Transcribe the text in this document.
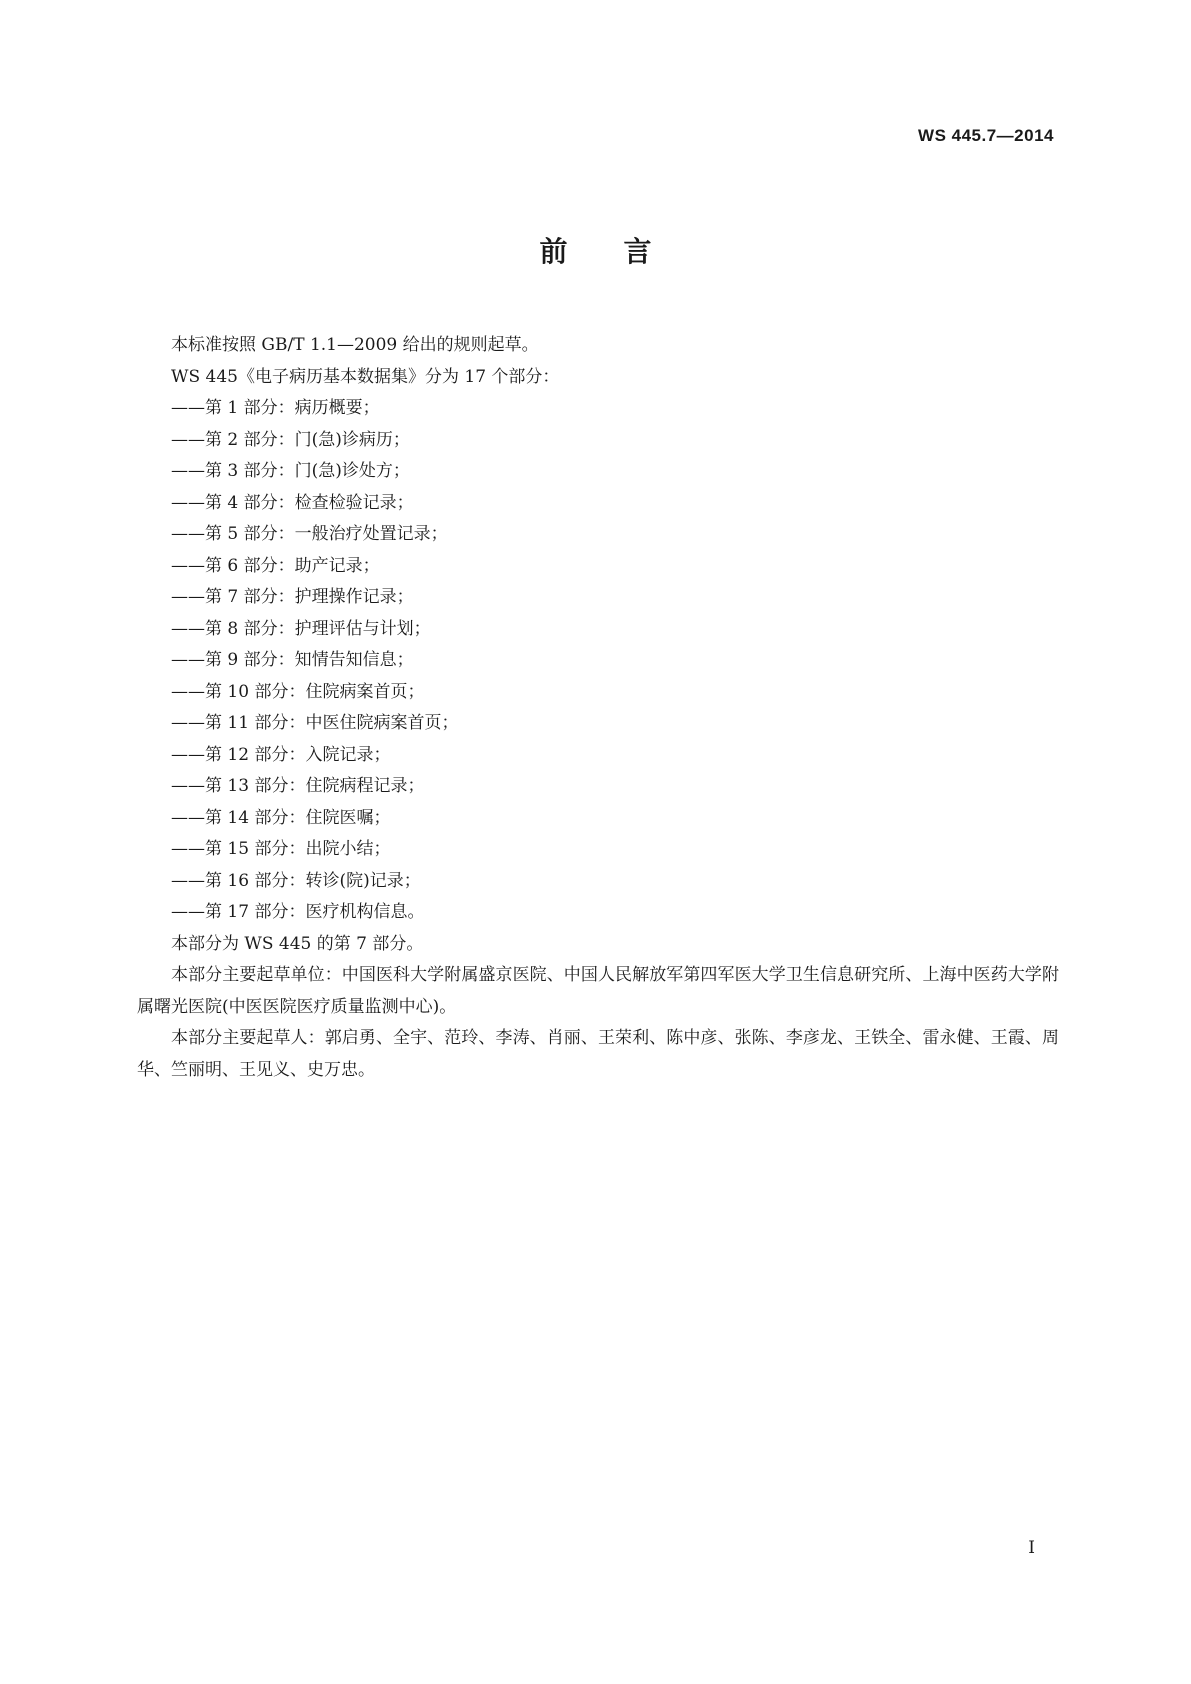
WS 445.7—2014
前言

本标准按照 GB/T 1.1—2009 给出的规则起草。

WS 445《电子病历基本数据集》分为 17 个部分：

——第 1 部分：病历概要；

——第 2 部分：门(急)诊病历；

——第 3 部分：门(急)诊处方；

——第 4 部分：检查检验记录；

——第 5 部分：一般治疗处置记录；

——第 6 部分：助产记录；

——第 7 部分：护理操作记录；

——第 8 部分：护理评估与计划；

——第 9 部分：知情告知信息；

——第 10 部分：住院病案首页；

——第 11 部分：中医住院病案首页；

——第 12 部分：入院记录；

——第 13 部分：住院病程记录；

——第 14 部分：住院医嘱；

——第 15 部分：出院小结；

——第 16 部分：转诊(院)记录；

——第 17 部分：医疗机构信息。

本部分为 WS 445 的第 7 部分。

本部分主要起草单位：中国医科大学附属盛京医院、中国人民解放军第四军医大学卫生信息研究所、上海中医药大学附属曙光医院(中医医院医疗质量监测中心)。

本部分主要起草人：郭启勇、全宇、范玲、李涛、肖丽、王荣利、陈中彦、张陈、李彦龙、王铁全、雷永健、王霞、周华、竺丽明、王见义、史万忠。

I
